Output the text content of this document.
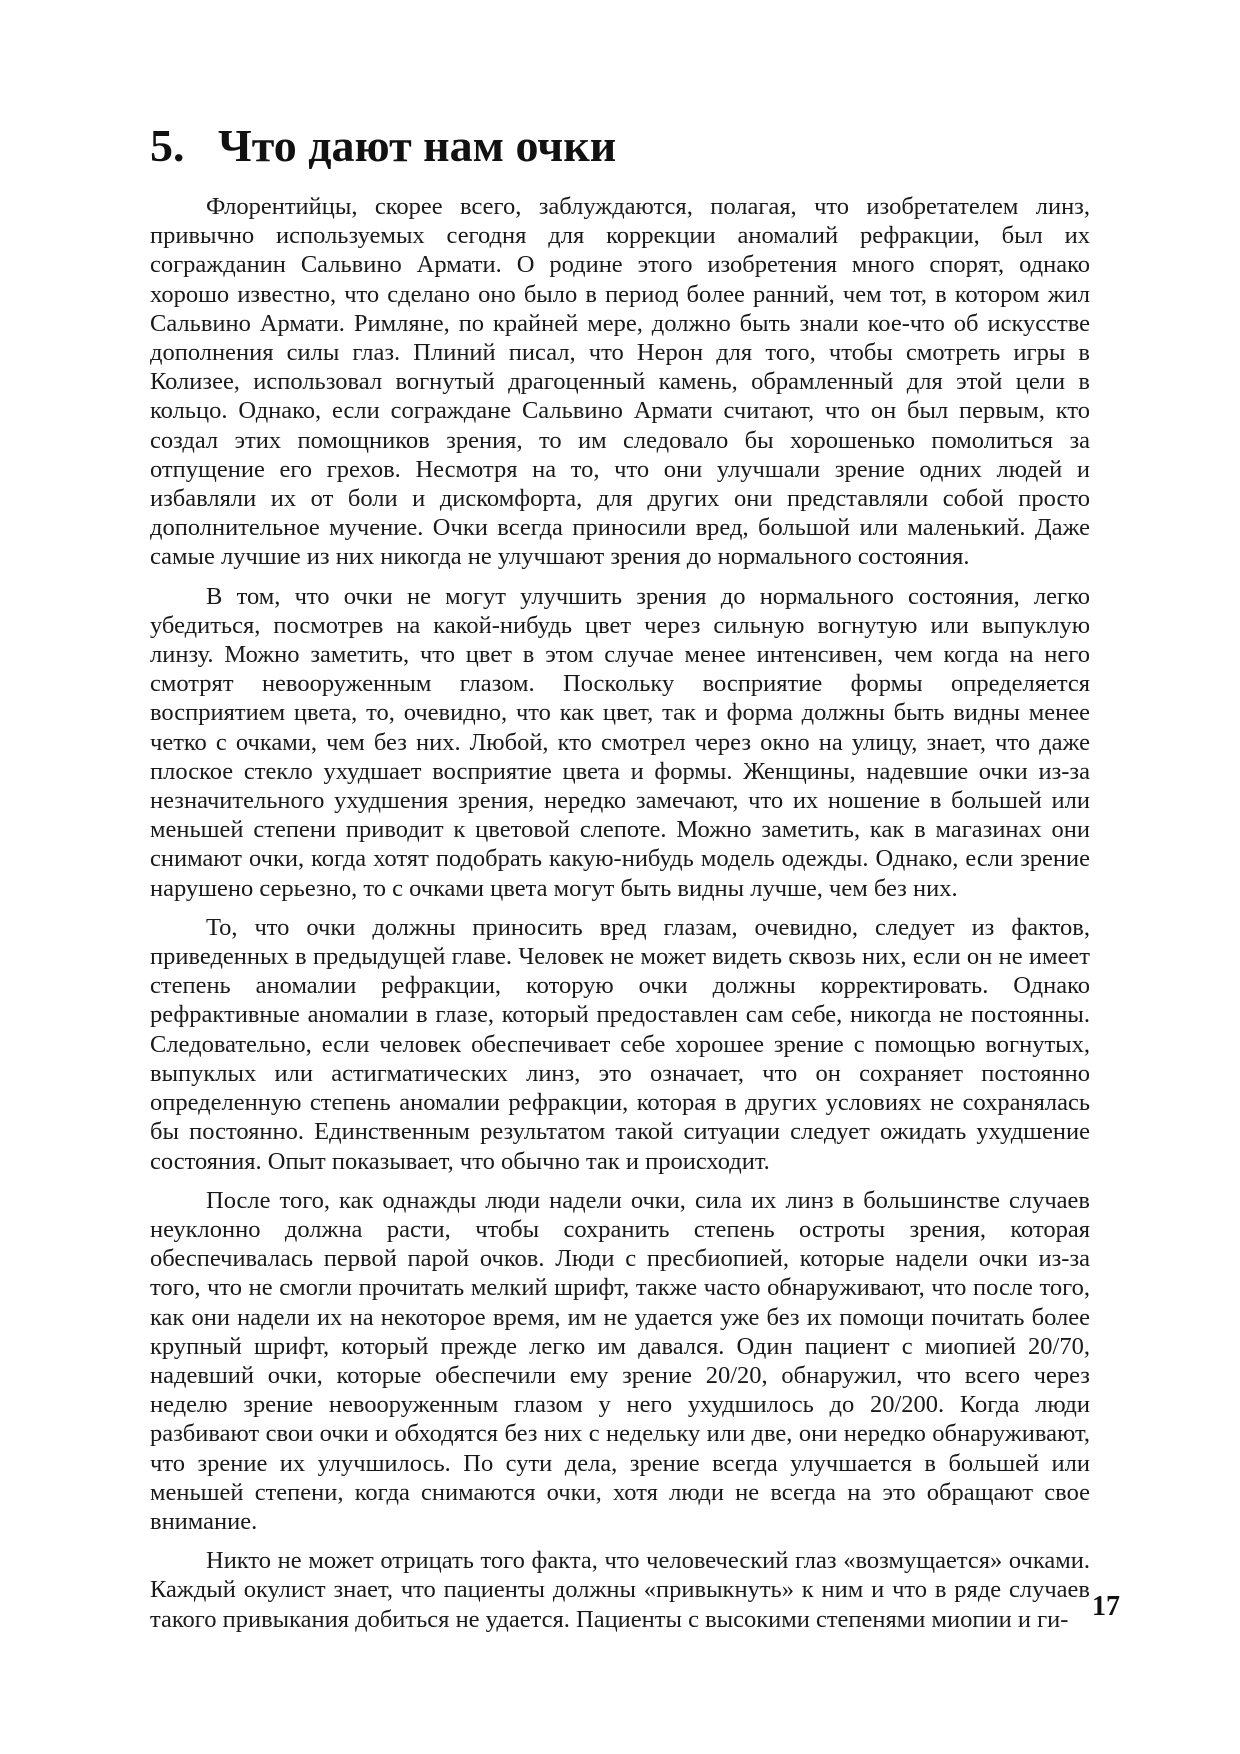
5. Что дают нам очки

Флорентийцы, скорее всего, заблуждаются, полагая, что изобретателем линз, привычно используемых сегодня для коррекции аномалий рефракции, был их согражданин Сальвино Армати. О родине этого изобретения много спорят, однако хорошо известно, что сделано оно было в период более ранний, чем тот, в котором жил Сальвино Армати. Римляне, по крайней мере, должно быть знали кое-что об искусстве дополнения силы глаз. Плиний писал, что Нерон для того, чтобы смотреть игры в Колизее, использовал вогнутый драгоценный камень, обрамленный для этой цели в кольцо. Однако, если сограждане Сальвино Армати считают, что он был первым, кто создал этих помощников зрения, то им следовало бы хорошенько помолиться за отпущение его грехов. Несмотря на то, что они улучшали зрение одних людей и избавляли их от боли и дискомфорта, для других они представляли собой просто дополнительное мучение. Очки всегда приносили вред, большой или маленький. Даже самые лучшие из них никогда не улучшают зрения до нормального состояния.

В том, что очки не могут улучшить зрения до нормального состояния, легко убедиться, посмотрев на какой-нибудь цвет через сильную вогнутую или выпуклую линзу. Можно заметить, что цвет в этом случае менее интенсивен, чем когда на него смотрят невооруженным глазом. Поскольку восприятие формы определяется восприятием цвета, то, очевидно, что как цвет, так и форма должны быть видны менее четко с очками, чем без них. Любой, кто смотрел через окно на улицу, знает, что даже плоское стекло ухудшает восприятие цвета и формы. Женщины, надевшие очки из-за незначительного ухудшения зрения, нередко замечают, что их ношение в большей или меньшей степени приводит к цветовой слепоте. Можно заметить, как в магазинах они снимают очки, когда хотят подобрать какую-нибудь модель одежды. Однако, если зрение нарушено серьезно, то с очками цвета могут быть видны лучше, чем без них.

То, что очки должны приносить вред глазам, очевидно, следует из фактов, приведенных в предыдущей главе. Человек не может видеть сквозь них, если он не имеет степень аномалии рефракции, которую очки должны корректировать. Однако рефрактивные аномалии в глазе, который предоставлен сам себе, никогда не постоянны. Следовательно, если человек обеспечивает себе хорошее зрение с помощью вогнутых, выпуклых или астигматических линз, это означает, что он сохраняет постоянно определенную степень аномалии рефракции, которая в других условиях не сохранялась бы постоянно. Единственным результатом такой ситуации следует ожидать ухудшение состояния. Опыт показывает, что обычно так и происходит.

После того, как однажды люди надели очки, сила их линз в большинстве случаев неуклонно должна расти, чтобы сохранить степень остроты зрения, которая обеспечивалась первой парой очков. Люди с пресбиопией, которые надели очки из-за того, что не смогли прочитать мелкий шрифт, также часто обнаруживают, что после того, как они надели их на некоторое время, им не удается уже без их помощи почитать более крупный шрифт, который прежде легко им давался. Один пациент с миопией 20/70, надевший очки, которые обеспечили ему зрение 20/20, обнаружил, что всего через неделю зрение невооруженным глазом у него ухудшилось до 20/200. Когда люди разбивают свои очки и обходятся без них с недельку или две, они нередко обнаруживают, что зрение их улучшилось. По сути дела, зрение всегда улучшается в большей или меньшей степени, когда снимаются очки, хотя люди не всегда на это обращают свое внимание.

Никто не может отрицать того факта, что человеческий глаз «возмущается» очками. Каждый окулист знает, что пациенты должны «привыкнуть» к ним и что в ряде случаев такого привыкания добиться не удается. Пациенты с высокими степенями миопии и ги- 17
